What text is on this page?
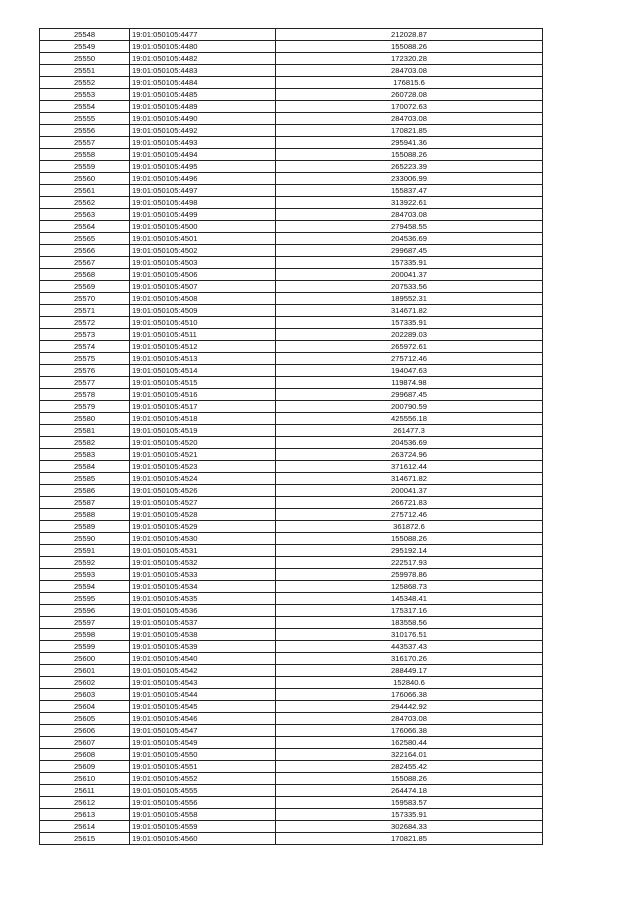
25548	19:01:050105:4477	212028.87
25549	19:01:050105:4480	155088.26
25550	19:01:050105:4482	172320.28
25551	19:01:050105:4483	284703.08
25552	19:01:050105:4484	176815.6
25553	19:01:050105:4485	260728.08
25554	19:01:050105:4489	170072.63
25555	19:01:050105:4490	284703.08
25556	19:01:050105:4492	170821.85
25557	19:01:050105:4493	295941.36
25558	19:01:050105:4494	155088.26
25559	19:01:050105:4495	265223.39
25560	19:01:050105:4496	233006.99
25561	19:01:050105:4497	155837.47
25562	19:01:050105:4498	313922.61
25563	19:01:050105:4499	284703.08
25564	19:01:050105:4500	279458.55
25565	19:01:050105:4501	204536.69
25566	19:01:050105:4502	299687.45
25567	19:01:050105:4503	157335.91
25568	19:01:050105:4506	200041.37
25569	19:01:050105:4507	207533.56
25570	19:01:050105:4508	189552.31
25571	19:01:050105:4509	314671.82
25572	19:01:050105:4510	157335.91
25573	19:01:050105:4511	202289.03
25574	19:01:050105:4512	265972.61
25575	19:01:050105:4513	275712.46
25576	19:01:050105:4514	194047.63
25577	19:01:050105:4515	119874.98
25578	19:01:050105:4516	299687.45
25579	19:01:050105:4517	200790.59
25580	19:01:050105:4518	425556.18
25581	19:01:050105:4519	261477.3
25582	19:01:050105:4520	204536.69
25583	19:01:050105:4521	263724.96
25584	19:01:050105:4523	371612.44
25585	19:01:050105:4524	314671.82
25586	19:01:050105:4526	200041.37
25587	19:01:050105:4527	266721.83
25588	19:01:050105:4528	275712.46
25589	19:01:050105:4529	361872.6
25590	19:01:050105:4530	155088.26
25591	19:01:050105:4531	295192.14
25592	19:01:050105:4532	222517.93
25593	19:01:050105:4533	259978.86
25594	19:01:050105:4534	125868.73
25595	19:01:050105:4535	145348.41
25596	19:01:050105:4536	175317.16
25597	19:01:050105:4537	183558.56
25598	19:01:050105:4538	310176.51
25599	19:01:050105:4539	443537.43
25600	19:01:050105:4540	316170.26
25601	19:01:050105:4542	288449.17
25602	19:01:050105:4543	152840.6
25603	19:01:050105:4544	176066.38
25604	19:01:050105:4545	294442.92
25605	19:01:050105:4546	284703.08
25606	19:01:050105:4547	176066.38
25607	19:01:050105:4549	162580.44
25608	19:01:050105:4550	322164.01
25609	19:01:050105:4551	282455.42
25610	19:01:050105:4552	155088.26
25611	19:01:050105:4555	264474.18
25612	19:01:050105:4556	159583.57
25613	19:01:050105:4558	157335.91
25614	19:01:050105:4559	302684.33
25615	19:01:050105:4560	170821.85
